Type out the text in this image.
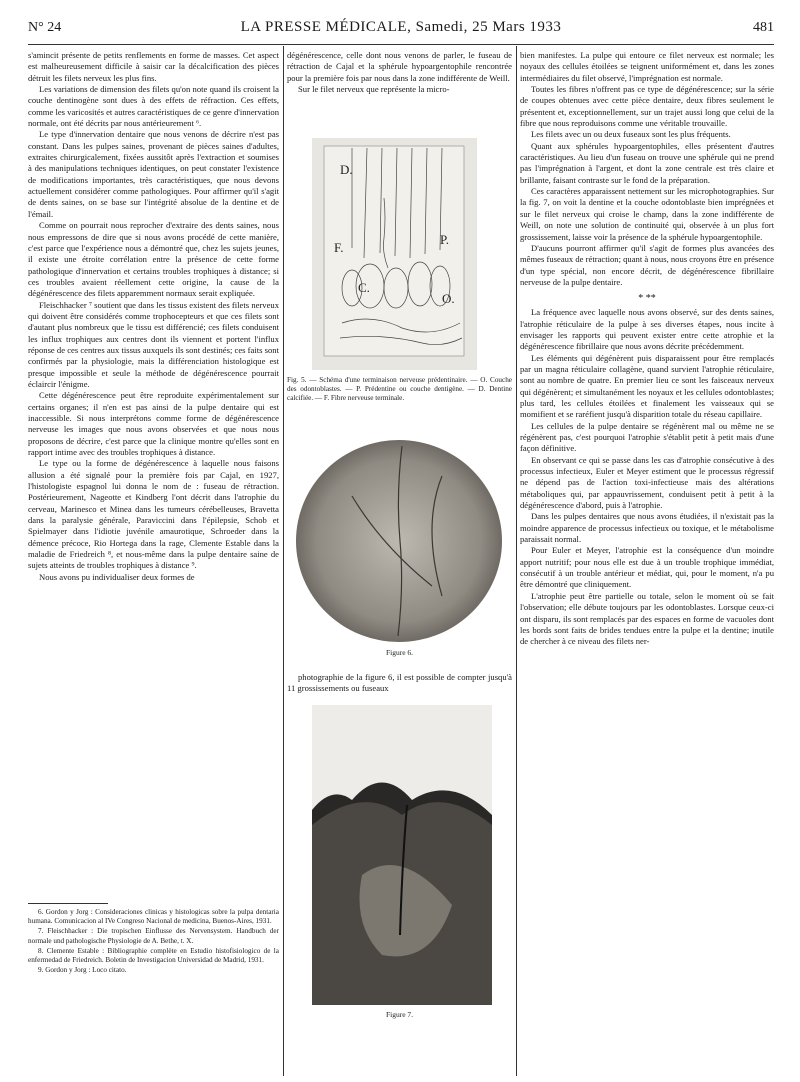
N° 24	LA PRESSE MÉDICALE, Samedi, 25 Mars 1933	481

s'amincit présente de petits renflements en forme de masses. Cet aspect est malheureusement difficile à saisir car la décalcification des pièces détruit les filets nerveux les plus fins.

Les variations de dimension des filets qu'on note quand ils croisent la couche dentinogène sont dues à des effets de réfraction. Ces effets, comme les varicosités et autres caractéristiques de ce genre d'innervation normale, ont été décrits par nous antérieurement ⁶.

Le type d'innervation dentaire que nous venons de décrire n'est pas constant. Dans les pulpes saines, provenant de pièces saines d'adultes, extraites chirurgicalement, fixées aussitôt après l'extraction et soumises à des manipulations techniques identiques, on peut constater l'existence de modifications importantes, très caractéristiques, que nous devons actuellement considérer comme pathologiques. Pour affirmer qu'il s'agit de dents saines, on se base sur l'intégrité absolue de la dentine et de l'émail.

Comme on pourrait nous reprocher d'extraire des dents saines, nous nous empressons de dire que si nous avons procédé de cette manière, c'est parce que l'expérience nous a démontré que, chez les sujets jeunes, il existe une étroite corrélation entre la présence de cette forme pathologique d'innervation et certains troubles trophiques à distance; si ces troubles avaient réellement cette origine, la cause de la dégénérescence des filets apparemment normaux serait expliquée.

Fleischhacker ⁷ soutient que dans les tissus existent des filets nerveux qui doivent être considérés comme trophocepteurs et que ces filets sont d'autant plus nombreux que le tissu est différencié; ces filets conduisent les influx trophiques aux centres dont ils viennent et portent l'influx réponse de ces centres aux tissus auxquels ils sont destinés; ces faits sont confirmés par la physiologie, mais la différenciation histologique est presque impossible et seule la méthode de dégénérescence pourrait éclaircir l'énigme.

Cette dégénérescence peut être reproduite expérimentalement sur certains organes; il n'en est pas ainsi de la pulpe dentaire qui est inaccessible. Si nous interprétons comme forme de dégénérescence nerveuse les images que nous avons observées et que nous nous proposons de décrire, c'est parce que la clinique montre qu'elles sont en rapport intime avec des troubles trophiques à distance.

Le type ou la forme de dégénérescence à laquelle nous faisons allusion a été signalé pour la première fois par Cajal, en 1927, l'histologiste espagnol lui donna le nom de : fuseau de rétraction. Postérieurement, Nageotte et Kindberg l'ont décrit dans l'atrophie du cerveau, Marinesco et Minea dans les tumeurs cérébelleuses, Bravetta dans la paralysie générale, Paraviccini dans l'épilepsie, Schob et Spielmayer dans l'idiotie juvénile amaurotique, Schroeder dans la démence précoce, Rio Hortega dans la rage, Clemente Estable dans la maladie de Friedreich ⁸, et nous-même dans la pulpe dentaire saine de sujets atteints de troubles trophiques à distance ⁹.

Nous avons pu individualiser deux formes de

6. Gordon y Jorg : Consideraciones clinicas y histologicas sobre la pulpa dentaria humana. Comunicacion al IVe Congreso Nacional de medicina, Buenos-Aires, 1931.

7. Fleischhacker : Die tropischen Einflusse des Nervensystem. Handbuch der normale und pathologische Physiologie de A. Bethe, t. X.

8. Clemente Estable : Bibliographie complète en Estudio histofisiologico de la enfermedad de Friedreich. Boletin de Investigacion Universidad de Madrid, 1931.

9. Gordon y Jorg : Loco citato.

dégénérescence, celle dont nous venons de parler, le fuseau de rétraction de Cajal et la sphérule hypoargentophile rencontrée pour la première fois par nous dans la zone indifférente de Weill.

Sur le filet nerveux que représente la micro-

D.
P.
F.
C.
O.
Fig. 5. — Schéma d'une terminaison nerveuse prédentinaire. — O. Couche des odontoblastes. — P. Prédentine ou couche dentigène. — D. Dentine calcifiée. — F. Fibre nerveuse terminale.
Figure 6.

photographie de la figure 6, il est possible de compter jusqu'à 11 grossissements ou fuseaux

Figure 7.

bien manifestes. La pulpe qui entoure ce filet nerveux est normale; les noyaux des cellules étoilées se teignent uniformément et, dans les zones intermédiaires du filet observé, l'imprégnation est normale.

Toutes les fibres n'offrent pas ce type de dégénérescence; sur la série de coupes obtenues avec cette pièce dentaire, deux fibres seulement le présentent et, exceptionnellement, sur un trajet aussi long que celui de la fibre que nous reproduisons comme une véritable trouvaille.

Les filets avec un ou deux fuseaux sont les plus fréquents.

Quant aux sphérules hypoargentophiles, elles présentent d'autres caractéristiques. Au lieu d'un fuseau on trouve une sphérule qui ne prend pas l'imprégnation à l'argent, et dont la zone centrale est très claire et brillante, faisant contraste sur le fond de la préparation.

Ces caractères apparaissent nettement sur les microphotographies. Sur la fig. 7, on voit la dentine et la couche odontoblaste bien imprégnées et sur le filet nerveux qui croise le champ, dans la zone indifférente de Weill, on note une solution de continuité qui, observée à un plus fort grossissement, laisse voir la présence de la sphérule hypoargentophile.

D'aucuns pourront affirmer qu'il s'agit de formes plus avancées des mêmes fuseaux de rétraction; quant à nous, nous croyons être en présence d'un type spécial, non encore décrit, de dégénérescence fibrillaire nerveuse de la pulpe dentaire.

* **

La fréquence avec laquelle nous avons observé, sur des dents saines, l'atrophie réticulaire de la pulpe à ses diverses étapes, nous incite à envisager les rapports qui peuvent exister entre cette atrophie et la dégénérescence fibrillaire que nous avons décrite précédemment.

Les éléments qui dégénèrent puis disparaissent pour être remplacés par un magna réticulaire collagène, quand survient l'atrophie réticulaire, sont au nombre de quatre. En premier lieu ce sont les faisceaux nerveux qui dégénèrent; et simultanément les noyaux et les cellules odontoblastes; plus tard, les cellules étoilées et finalement les vaisseaux qui se momifient et se raréfient jusqu'à disparition totale du réseau capillaire.

Les cellules de la pulpe dentaire se régénèrent mal ou même ne se régénèrent pas, c'est pourquoi l'atrophie s'établit petit à petit mais d'une façon définitive.

En observant ce qui se passe dans les cas d'atrophie consécutive à des processus infectieux, Euler et Meyer estiment que le processus régressif ne dépend pas de l'action toxi-infectieuse mais des altérations métaboliques qui, par appauvrissement, conduisent petit à petit à la dégénérescence d'abord, puis à l'atrophie.

Dans les pulpes dentaires que nous avons étudiées, il n'existait pas la moindre apparence de processus infectieux ou toxique, et le métabolisme paraissait normal.

Pour Euler et Meyer, l'atrophie est la conséquence d'un moindre apport nutritif; pour nous elle est due à un trouble trophique immédiat, consécutif à un trouble antérieur et médiat, qui, pour le moment, n'a pu être démontré que cliniquement.

L'atrophie peut être partielle ou totale, selon le moment où se fait l'observation; elle débute toujours par les odontoblastes. Lorsque ceux-ci ont disparu, ils sont remplacés par des espaces en forme de vacuoles dont les bords sont faits de brides tendues entre la pulpe et la dentine; inutile de chercher à ce niveau des filets ner-
